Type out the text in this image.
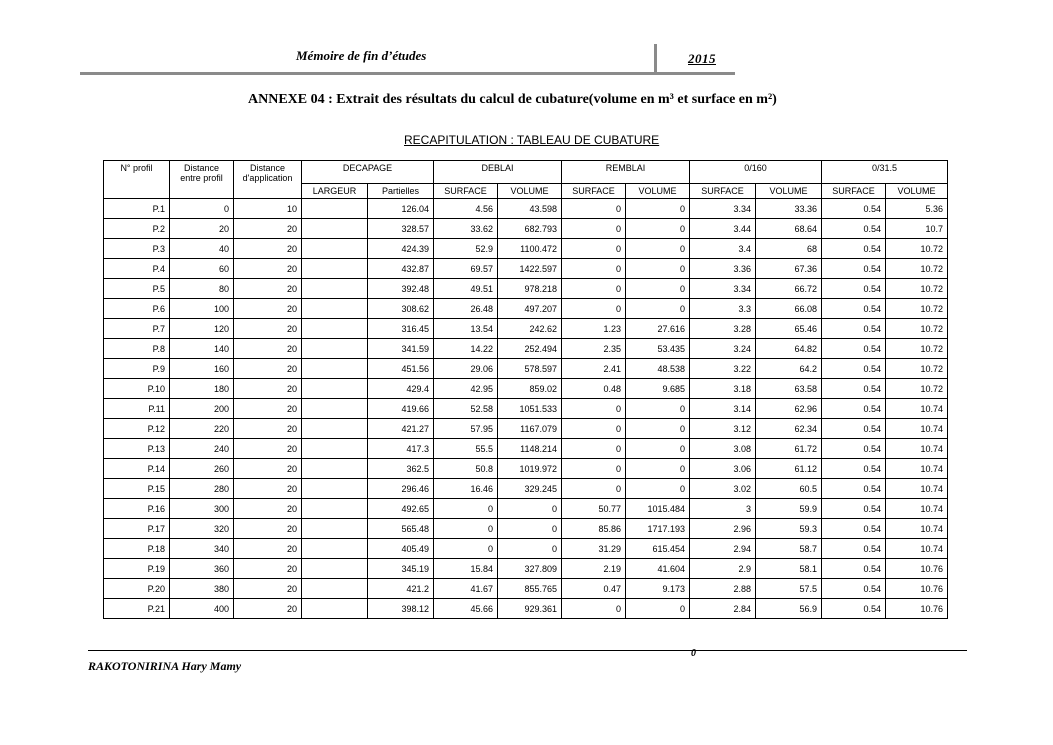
Mémoire de fin d’études	2015
ANNEXE 04 : Extrait des résultats du calcul de cubature(volume en m³ et surface en m²)
RECAPITULATION : TABLEAU DE CUBATURE
N° profil	Distance entre profil	Distance d'application	DECAPAGE		DEBLAI		REMBLAI		0/160		0/31.5	
			LARGEUR	Partielles	SURFACE	VOLUME	SURFACE	VOLUME	SURFACE	VOLUME	SURFACE	VOLUME
P.1	0	10		126.04	4.56	43.598	0	0	3.34	33.36	0.54	5.36
P.2	20	20		328.57	33.62	682.793	0	0	3.44	68.64	0.54	10.7
P.3	40	20		424.39	52.9	1100.472	0	0	3.4	68	0.54	10.72
P.4	60	20		432.87	69.57	1422.597	0	0	3.36	67.36	0.54	10.72
P.5	80	20		392.48	49.51	978.218	0	0	3.34	66.72	0.54	10.72
P.6	100	20		308.62	26.48	497.207	0	0	3.3	66.08	0.54	10.72
P.7	120	20		316.45	13.54	242.62	1.23	27.616	3.28	65.46	0.54	10.72
P.8	140	20		341.59	14.22	252.494	2.35	53.435	3.24	64.82	0.54	10.72
P.9	160	20		451.56	29.06	578.597	2.41	48.538	3.22	64.2	0.54	10.72
P.10	180	20		429.4	42.95	859.02	0.48	9.685	3.18	63.58	0.54	10.72
P.11	200	20		419.66	52.58	1051.533	0	0	3.14	62.96	0.54	10.74
P.12	220	20		421.27	57.95	1167.079	0	0	3.12	62.34	0.54	10.74
P.13	240	20		417.3	55.5	1148.214	0	0	3.08	61.72	0.54	10.74
P.14	260	20		362.5	50.8	1019.972	0	0	3.06	61.12	0.54	10.74
P.15	280	20		296.46	16.46	329.245	0	0	3.02	60.5	0.54	10.74
P.16	300	20		492.65	0	0	50.77	1015.484	3	59.9	0.54	10.74
P.17	320	20		565.48	0	0	85.86	1717.193	2.96	59.3	0.54	10.74
P.18	340	20		405.49	0	0	31.29	615.454	2.94	58.7	0.54	10.74
P.19	360	20		345.19	15.84	327.809	2.19	41.604	2.9	58.1	0.54	10.76
P.20	380	20		421.2	41.67	855.765	0.47	9.173	2.88	57.5	0.54	10.76
P.21	400	20		398.12	45.66	929.361	0	0	2.84	56.9	0.54	10.76
0
RAKOTONIRINA Hary Mamy
